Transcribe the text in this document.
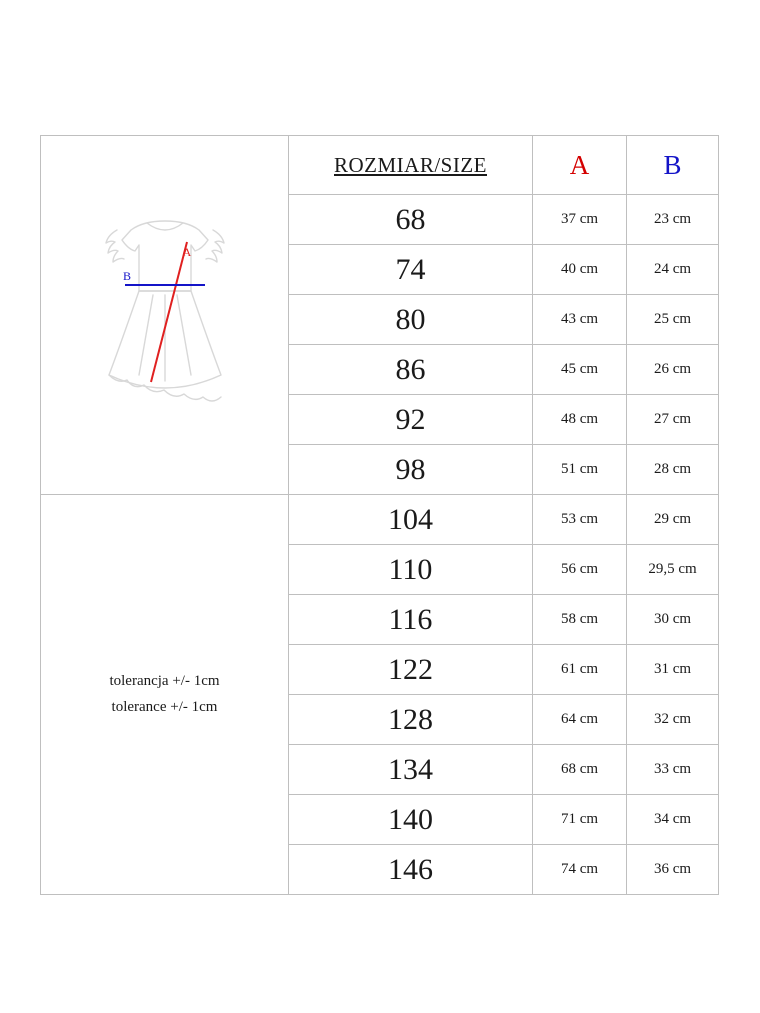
A
B	ROZMIAR/SIZE	A	B
	68	37 cm	23 cm
	74	40 cm	24 cm
	80	43 cm	25 cm
	86	45 cm	26 cm
	92	48 cm	27 cm
	98	51 cm	28 cm

tolerancja +/- 1cm
tolerance +/- 1cm	104	53 cm	29 cm
	110	56 cm	29,5 cm
	116	58 cm	30 cm
	122	61 cm	31 cm
	128	64 cm	32 cm
	134	68 cm	33 cm
	140	71 cm	34 cm
	146	74 cm	36 cm
